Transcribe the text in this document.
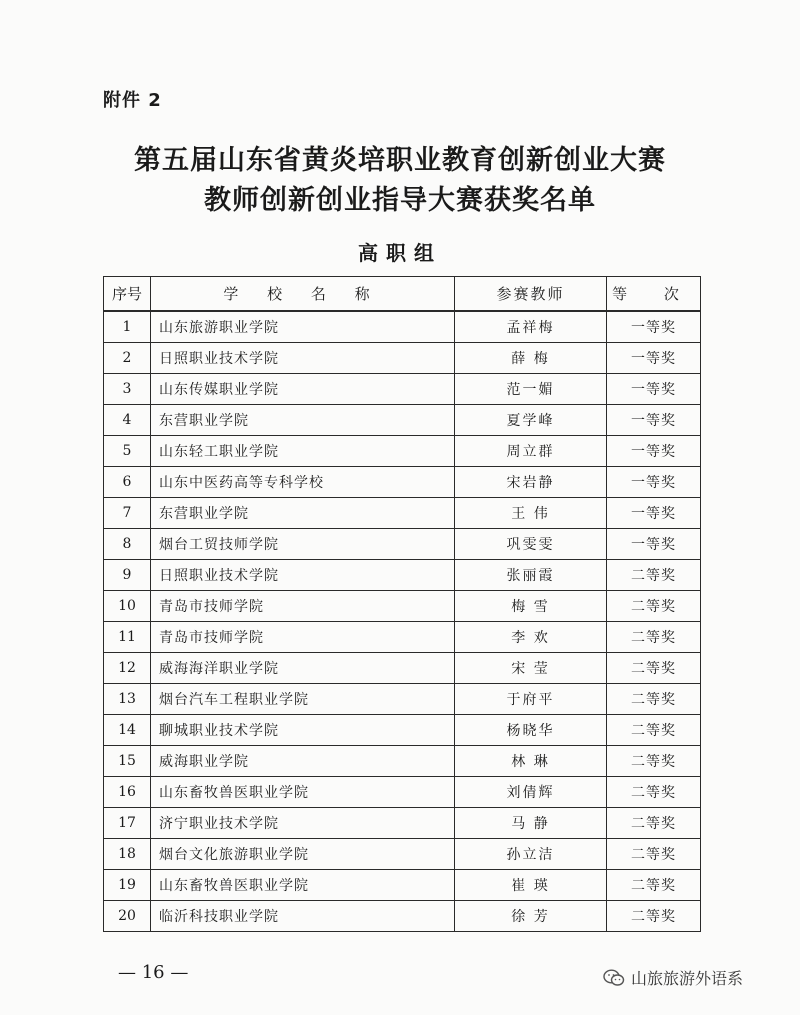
附件 2
第五届山东省黄炎培职业教育创新创业大赛
教师创新创业指导大赛获奖名单
高职组
序号	学 校 名 称	参赛教师	等 次
1	山东旅游职业学院	孟祥梅	一等奖
2	日照职业技术学院	薛 梅	一等奖
3	山东传媒职业学院	范一媚	一等奖
4	东营职业学院	夏学峰	一等奖
5	山东轻工职业学院	周立群	一等奖
6	山东中医药高等专科学校	宋岩静	一等奖
7	东营职业学院	王 伟	一等奖
8	烟台工贸技师学院	巩雯雯	一等奖
9	日照职业技术学院	张丽霞	二等奖
10	青岛市技师学院	梅 雪	二等奖
11	青岛市技师学院	李 欢	二等奖
12	威海海洋职业学院	宋 莹	二等奖
13	烟台汽车工程职业学院	于府平	二等奖
14	聊城职业技术学院	杨晓华	二等奖
15	威海职业学院	林 琳	二等奖
16	山东畜牧兽医职业学院	刘倩辉	二等奖
17	济宁职业技术学院	马 静	二等奖
18	烟台文化旅游职业学院	孙立洁	二等奖
19	山东畜牧兽医职业学院	崔 瑛	二等奖
20	临沂科技职业学院	徐 芳	二等奖
— 16 —	山旅旅游外语系
